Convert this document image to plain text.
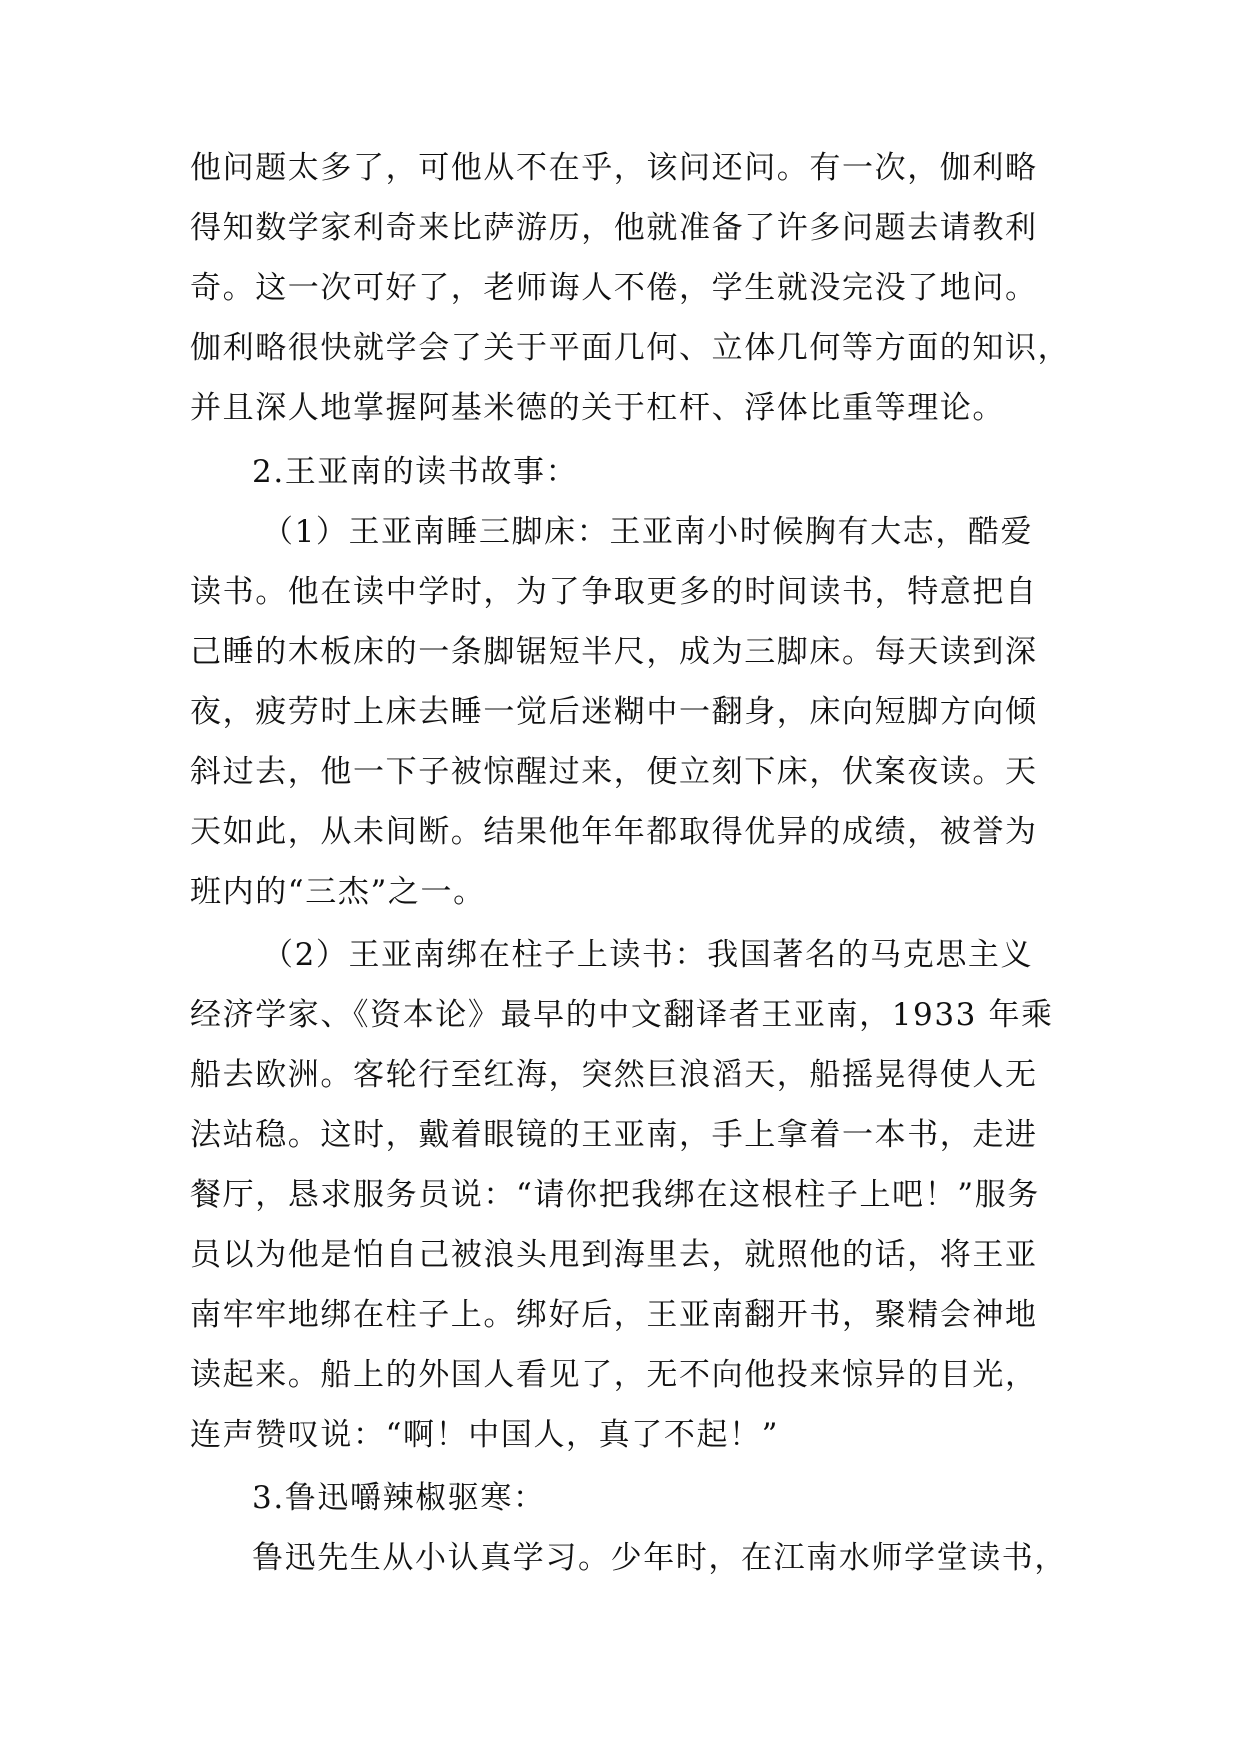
他问题太多了，可他从不在乎，该问还问。有一次，伽利略
得知数学家利奇来比萨游历，他就准备了许多问题去请教利
奇。这一次可好了，老师诲人不倦，学生就没完没了地问。
伽利略很快就学会了关于平面几何、立体几何等方面的知识，
并且深人地掌握阿基米德的关于杠杆、浮体比重等理论。
2.王亚南的读书故事：
（1）王亚南睡三脚床：王亚南小时候胸有大志，酷爱
读书。他在读中学时，为了争取更多的时间读书，特意把自
己睡的木板床的一条脚锯短半尺，成为三脚床。每天读到深
夜，疲劳时上床去睡一觉后迷糊中一翻身，床向短脚方向倾
斜过去，他一下子被惊醒过来，便立刻下床，伏案夜读。天
天如此，从未间断。结果他年年都取得优异的成绩，被誉为
班内的“三杰”之一。
（2）王亚南绑在柱子上读书：我国著名的马克思主义
经济学家、《资本论》最早的中文翻译者王亚南，1933 年乘
船去欧洲。客轮行至红海，突然巨浪滔天，船摇晃得使人无
法站稳。这时，戴着眼镜的王亚南，手上拿着一本书，走进
餐厅，恳求服务员说：“请你把我绑在这根柱子上吧！”服务
员以为他是怕自己被浪头甩到海里去，就照他的话，将王亚
南牢牢地绑在柱子上。绑好后，王亚南翻开书，聚精会神地
读起来。船上的外国人看见了，无不向他投来惊异的目光，
连声赞叹说：“啊！中国人，真了不起！”
3.鲁迅嚼辣椒驱寒：
鲁迅先生从小认真学习。少年时，在江南水师学堂读书，
